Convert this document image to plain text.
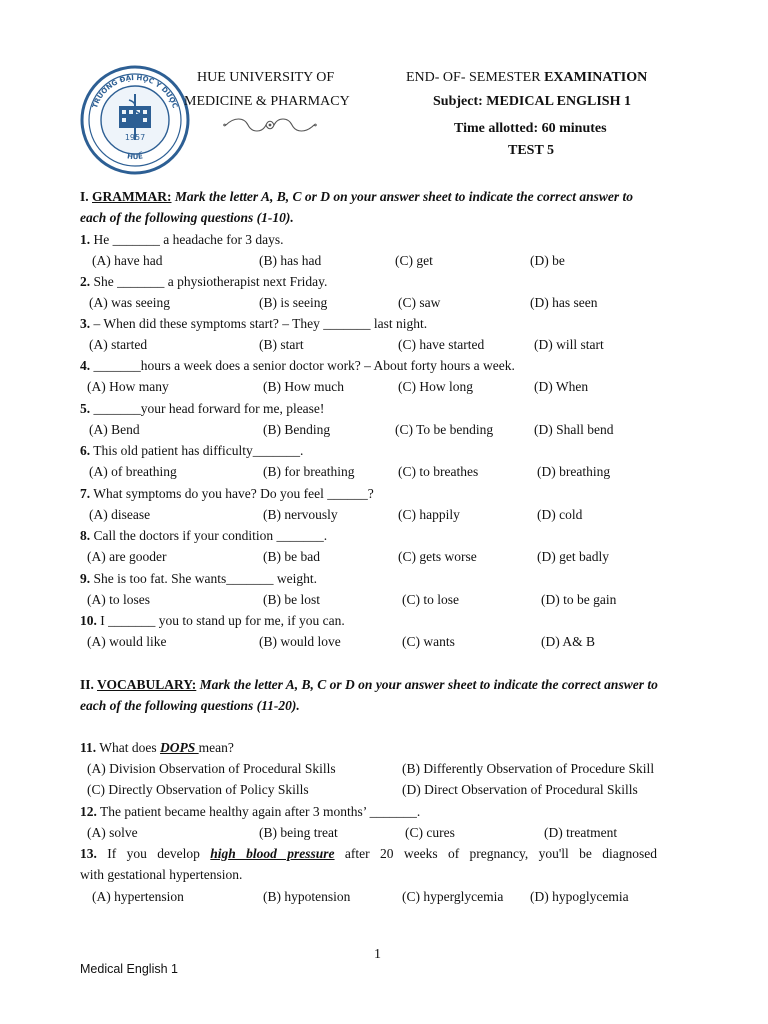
TRƯỜNG ĐẠI HỌC Y DƯỢC
HUẾ
1957
HUE UNIVERSITY OF
MEDICINE & PHARMACY
END- OF- SEMESTER EXAMINATION
Subject: MEDICAL ENGLISH 1
Time allotted: 60 minutes
TEST 5
I. GRAMMAR: Mark the letter A, B, C or D on your answer sheet to indicate the correct answer to
each of the following questions (1-10).
1. He _______ a headache for 3 days.
(A) have had	(B) has had	(C) get	(D) be
2. She _______ a physiotherapist next Friday.
(A) was seeing	(B) is seeing	(C) saw	(D) has seen
3. – When did these symptoms start? – They _______ last night.
(A) started	(B) start	(C) have started	(D) will start
4. _______hours a week does a senior doctor work? – About forty hours a week.
(A) How many	(B) How much	(C) How long	(D) When
5. _______your head forward for me, please!
(A) Bend	(B) Bending	(C) To be bending	(D) Shall bend
6. This old patient has difficulty_______.
(A) of breathing	(B) for breathing	(C) to breathes	(D) breathing
7. What symptoms do you have? Do you feel ______?
(A) disease	(B) nervously	(C) happily	(D) cold
8. Call the doctors if your condition _______.
(A) are gooder	(B) be bad	(C) gets worse	(D) get badly
9. She is too fat. She wants_______ weight.
(A) to loses	(B) be lost	(C) to lose	(D) to be gain
10. I _______ you to stand up for me, if you can.
(A) would like	(B) would love	(C) wants	(D) A& B
II. VOCABULARY: Mark the letter A, B, C or D on your answer sheet to indicate the correct answer to
each of the following questions (11-20).
11. What does DOPS mean?
(A) Division Observation of Procedural Skills	(B) Differently Observation of Procedure Skill
(C) Directly Observation of Policy Skills	(D) Direct Observation of Procedural Skills
12. The patient became healthy again after 3 months’ _______.
(A) solve	(B) being treat	(C) cures	(D) treatment
13. If you develop high blood pressure after 20 weeks of pregnancy, you'll be diagnosed
with gestational hypertension.
(A) hypertension	(B) hypotension	(C) hyperglycemia (D) hypoglycemia
1
Medical English 1
